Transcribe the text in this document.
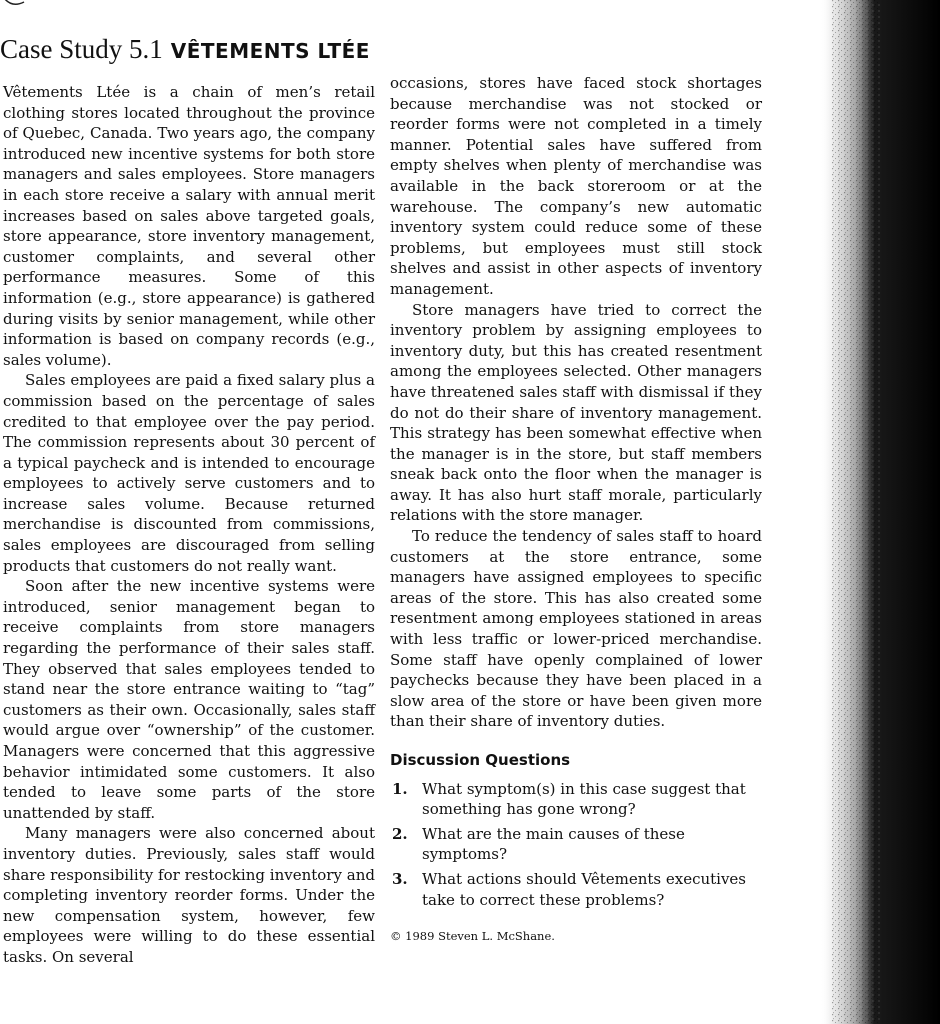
Case Study 5.1 VÊTEMENTS LTÉE

Vêtements Ltée is a chain of men’s retail clothing stores located throughout the province of Quebec, Canada. Two years ago, the company introduced new incentive systems for both store managers and sales employees. Store managers in each store receive a salary with annual merit increases based on sales above targeted goals, store appearance, store inventory management, customer complaints, and several other performance measures. Some of this information (e.g., store appearance) is gathered during visits by senior management, while other information is based on company records (e.g., sales volume).

Sales employees are paid a fixed salary plus a commission based on the percentage of sales credited to that employee over the pay period. The commission represents about 30 percent of a typical paycheck and is intended to encourage employees to actively serve customers and to increase sales volume. Because returned merchandise is discounted from commissions, sales employees are discouraged from selling products that customers do not really want.

Soon after the new incentive systems were introduced, senior management began to receive complaints from store managers regarding the performance of their sales staff. They observed that sales employees tended to stand near the store entrance waiting to “tag” customers as their own. Occasionally, sales staff would argue over “ownership” of the customer. Managers were concerned that this aggressive behavior intimidated some customers. It also tended to leave some parts of the store unattended by staff.

Many managers were also concerned about inventory duties. Previously, sales staff would share responsibility for restocking inventory and completing inventory reorder forms. Under the new compensation system, however, few employees were willing to do these essential tasks. On several

occasions, stores have faced stock shortages because merchandise was not stocked or reorder forms were not completed in a timely manner. Potential sales have suffered from empty shelves when plenty of merchandise was available in the back storeroom or at the warehouse. The company’s new automatic inventory system could reduce some of these problems, but employees must still stock shelves and assist in other aspects of inventory management.

Store managers have tried to correct the inventory problem by assigning employees to inventory duty, but this has created resentment among the employees selected. Other managers have threatened sales staff with dismissal if they do not do their share of inventory management. This strategy has been somewhat effective when the manager is in the store, but staff members sneak back onto the floor when the manager is away. It has also hurt staff morale, particularly relations with the store manager.

To reduce the tendency of sales staff to hoard customers at the store entrance, some managers have assigned employees to specific areas of the store. This has also created some resentment among employees stationed in areas with less traffic or lower-priced merchandise. Some staff have openly complained of lower paychecks because they have been placed in a slow area of the store or have been given more than their share of inventory duties.

Discussion Questions
1. What symptom(s) in this case suggest that something has gone wrong?
2. What are the main causes of these symptoms?
3. What actions should Vêtements executives take to correct these problems?
© 1989 Steven L. McShane.
